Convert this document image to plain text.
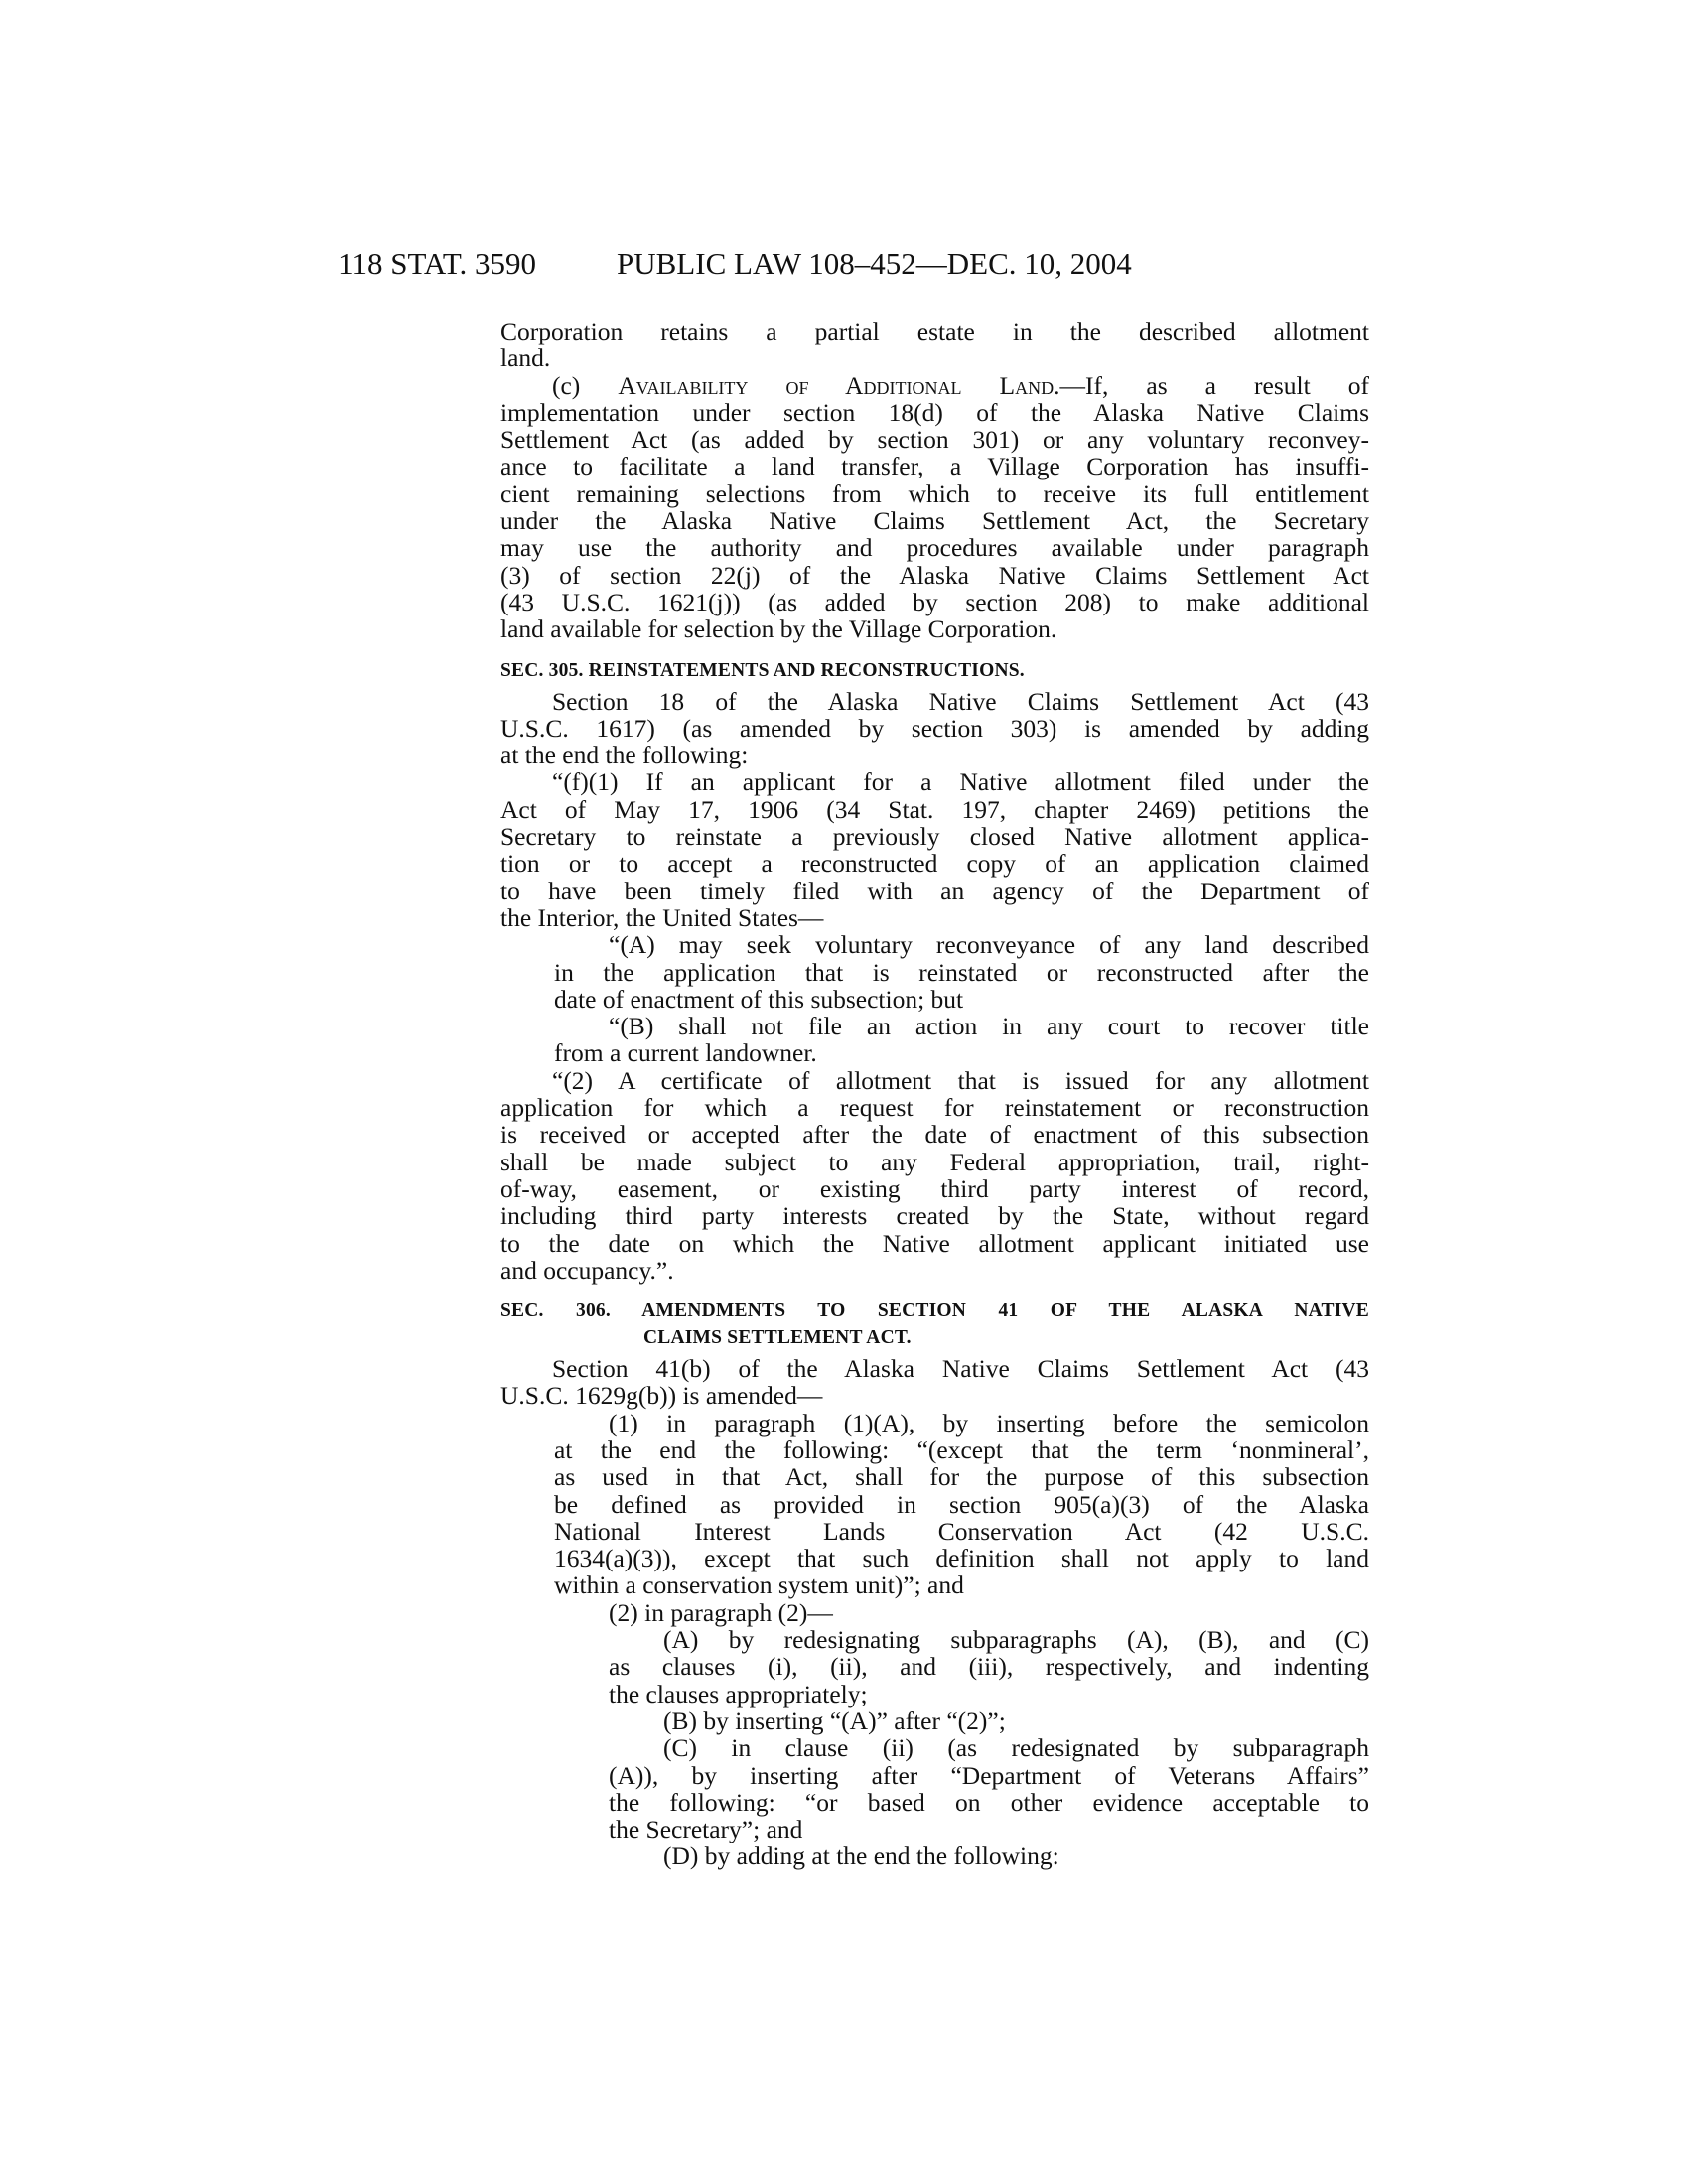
118 STAT. 3590	PUBLIC LAW 108–452—DEC. 10, 2004
Corporation retains a partial estate in the described allotment
land.
(c) Availability of Additional Land.—If, as a result of
implementation under section 18(d) of the Alaska Native Claims
Settlement Act (as added by section 301) or any voluntary reconvey-
ance to facilitate a land transfer, a Village Corporation has insuffi-
cient remaining selections from which to receive its full entitlement
under the Alaska Native Claims Settlement Act, the Secretary
may use the authority and procedures available under paragraph
(3) of section 22(j) of the Alaska Native Claims Settlement Act
(43 U.S.C. 1621(j)) (as added by section 208) to make additional
land available for selection by the Village Corporation.
SEC. 305. REINSTATEMENTS AND RECONSTRUCTIONS.
Section 18 of the Alaska Native Claims Settlement Act (43
U.S.C. 1617) (as amended by section 303) is amended by adding
at the end the following:
“(f)(1) If an applicant for a Native allotment filed under the
Act of May 17, 1906 (34 Stat. 197, chapter 2469) petitions the
Secretary to reinstate a previously closed Native allotment applica-
tion or to accept a reconstructed copy of an application claimed
to have been timely filed with an agency of the Department of
the Interior, the United States—
“(A) may seek voluntary reconveyance of any land described
in the application that is reinstated or reconstructed after the
date of enactment of this subsection; but
“(B) shall not file an action in any court to recover title
from a current landowner.
“(2) A certificate of allotment that is issued for any allotment
application for which a request for reinstatement or reconstruction
is received or accepted after the date of enactment of this subsection
shall be made subject to any Federal appropriation, trail, right-
of-way, easement, or existing third party interest of record,
including third party interests created by the State, without regard
to the date on which the Native allotment applicant initiated use
and occupancy.”.
SEC. 306. AMENDMENTS TO SECTION 41 OF THE ALASKA NATIVE
CLAIMS SETTLEMENT ACT.
Section 41(b) of the Alaska Native Claims Settlement Act (43
U.S.C. 1629g(b)) is amended—
(1) in paragraph (1)(A), by inserting before the semicolon
at the end the following: “(except that the term ‘nonmineral’,
as used in that Act, shall for the purpose of this subsection
be defined as provided in section 905(a)(3) of the Alaska
National Interest Lands Conservation Act (42 U.S.C.
1634(a)(3)), except that such definition shall not apply to land
within a conservation system unit)”; and
(2) in paragraph (2)—
(A) by redesignating subparagraphs (A), (B), and (C)
as clauses (i), (ii), and (iii), respectively, and indenting
the clauses appropriately;
(B) by inserting “(A)” after “(2)”;
(C) in clause (ii) (as redesignated by subparagraph
(A)), by inserting after “Department of Veterans Affairs”
the following: “or based on other evidence acceptable to
the Secretary”; and
(D) by adding at the end the following:
